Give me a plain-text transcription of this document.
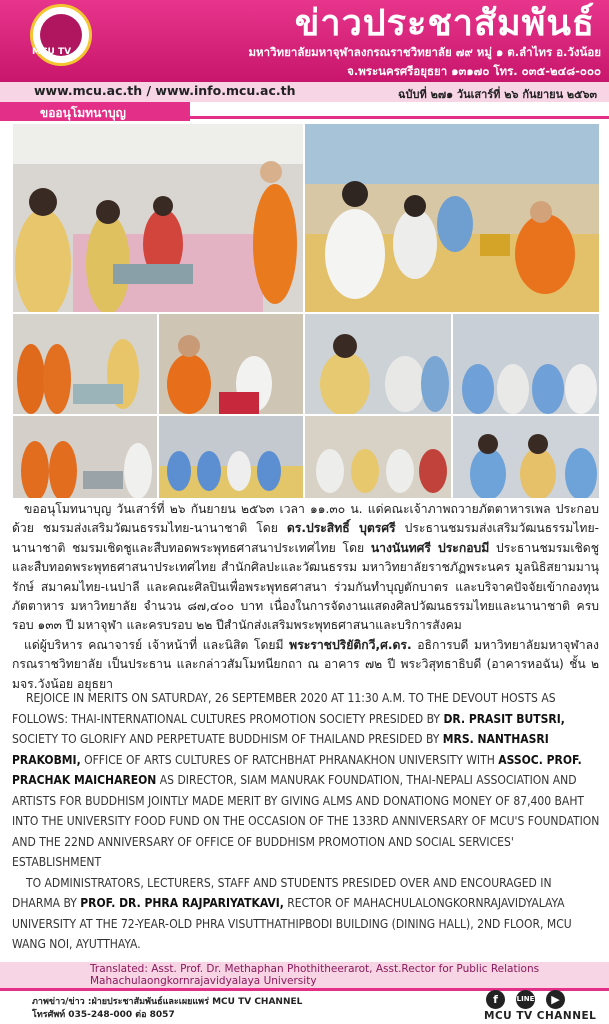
MCU TV
ข่าวประชาสัมพันธ์
มหาวิทยาลัยมหาจุฬาลงกรณราชวิทยาลัย ๗๙ หมู่ ๑ ต.ลำไทร อ.วังน้อย
จ.พระนครศรีอยุธยา ๑๓๑๗๐ โทร. ๐๓๕-๒๔๘-๐๐๐
www.mcu.ac.th / www.info.mcu.ac.th	ฉบับที่ ๒๗๑ วันเสาร์ที่ ๒๖ กันยายน ๒๕๖๓
ขออนุโมทนาบุญ

ขออนุโมทนาบุญ วันเสาร์ที่ ๒๖ กันยายน ๒๕๖๓ เวลา ๑๑.๓๐ น. แด่คณะเจ้าภาพถวายภัตตาหารเพล ประกอบด้วย ชมรมส่งเสริมวัฒนธรรมไทย-นานาชาติ โดย ดร.ประสิทธิ์ บุตรศรี ประธานชมรมส่งเสริมวัฒนธรรมไทย-นานาชาติ ชมรมเชิดชูและสืบทอดพระพุทธศาสนาประเทศไทย โดย นางนันทศรี ประกอบมี ประธานชมรมเชิดชูและสืบทอดพระพุทธศาสนาประเทศไทย สำนักศิลปะและวัฒนธรรม มหาวิทยาลัยราชภัฏพระนคร มูลนิธิสยามมานุรักษ์ สมาคมไทย-เนปาลี และคณะศิลปินเพื่อพระพุทธศาสนา ร่วมกันทำบุญตักบาตร และบริจาคปัจจัยเข้ากองทุนภัตตาหาร มหาวิทยาลัย จำนวน ๘๗,๔๐๐ บาท เนื่องในการจัดงานแสดงศิลปวัฒนธรรมไทยและนานาชาติ ครบรอบ ๑๓๓ ปี มหาจุฬา และครบรอบ ๒๒ ปีสำนักส่งเสริมพระพุทธศาสนาและบริการสังคม

แด่ผู้บริหาร คณาจารย์ เจ้าหน้าที่ และนิสิต โดยมี พระราชปริยัติกวี,ศ.ดร. อธิการบดี มหาวิทยาลัยมหาจุฬาลงกรณราชวิทยาลัย เป็นประธาน และกล่าวสัมโมทนียกถา ณ อาคาร ๗๒ ปี พระวิสุทธาธิบดี (อาคารหอฉัน) ชั้น ๒ มจร.วังน้อย อยุธยา

REJOICE IN MERITS ON SATURDAY, 26 SEPTEMBER 2020 AT 11:30 A.M. TO THE DEVOUT HOSTS AS FOLLOWS: THAI-INTERNATIONAL CULTURES PROMOTION SOCIETY PRESIDED BY DR. PRASIT BUTSRI, SOCIETY TO GLORIFY AND PERPETUATE BUDDHISM OF THAILAND PRESIDED BY MRS. NANTHASRI PRAKOBMI, OFFICE OF ARTS CULTURES OF RATCHBHAT PHRANAKHON UNIVERSITY WITH ASSOC. PROF. PRACHAK MAICHAREON AS DIRECTOR, SIAM MANURAK FOUNDATION, THAI-NEPALI ASSOCIATION AND ARTISTS FOR BUDDHISM JOINTLY MADE MERIT BY GIVING ALMS AND DONATIONG MONEY OF 87,400 BAHT INTO THE UNIVERSITY FOOD FUND ON THE OCCASION OF THE 133RD ANNIVERSARY OF MCU'S FOUNDATION AND THE 22ND ANNIVERSARY OF OFFICE OF BUDDHISM PROMOTION AND SOCIAL SERVICES' ESTABLISHMENT

TO ADMINISTRATORS, LECTURERS, STAFF AND STUDENTS PRESIDED OVER AND ENCOURAGED IN DHARMA BY PROF. DR. PHRA RAJPARIYATKAVI, RECTOR OF MAHACHULALONGKORNRAJAVIDYALAYA UNIVERSITY AT THE 72-YEAR-OLD PHRA VISUTTHATHIPBODI BUILDING (DINING HALL), 2ND FLOOR, MCU WANG NOI, AYUTTHAYA.

Translated: Asst. Prof. Dr. Methaphan Phothitheerarot, Asst.Rector for Public Relations
Mahachulaongkornrajavidyalaya University
ภาพข่าว/ข่าว :ฝ่ายประชาสัมพันธ์และเผยแพร่ MCU TV CHANNEL
โทรศัพท์ 035-248-000 ต่อ 8057
f	LINE	▶
MCU TV CHANNEL
